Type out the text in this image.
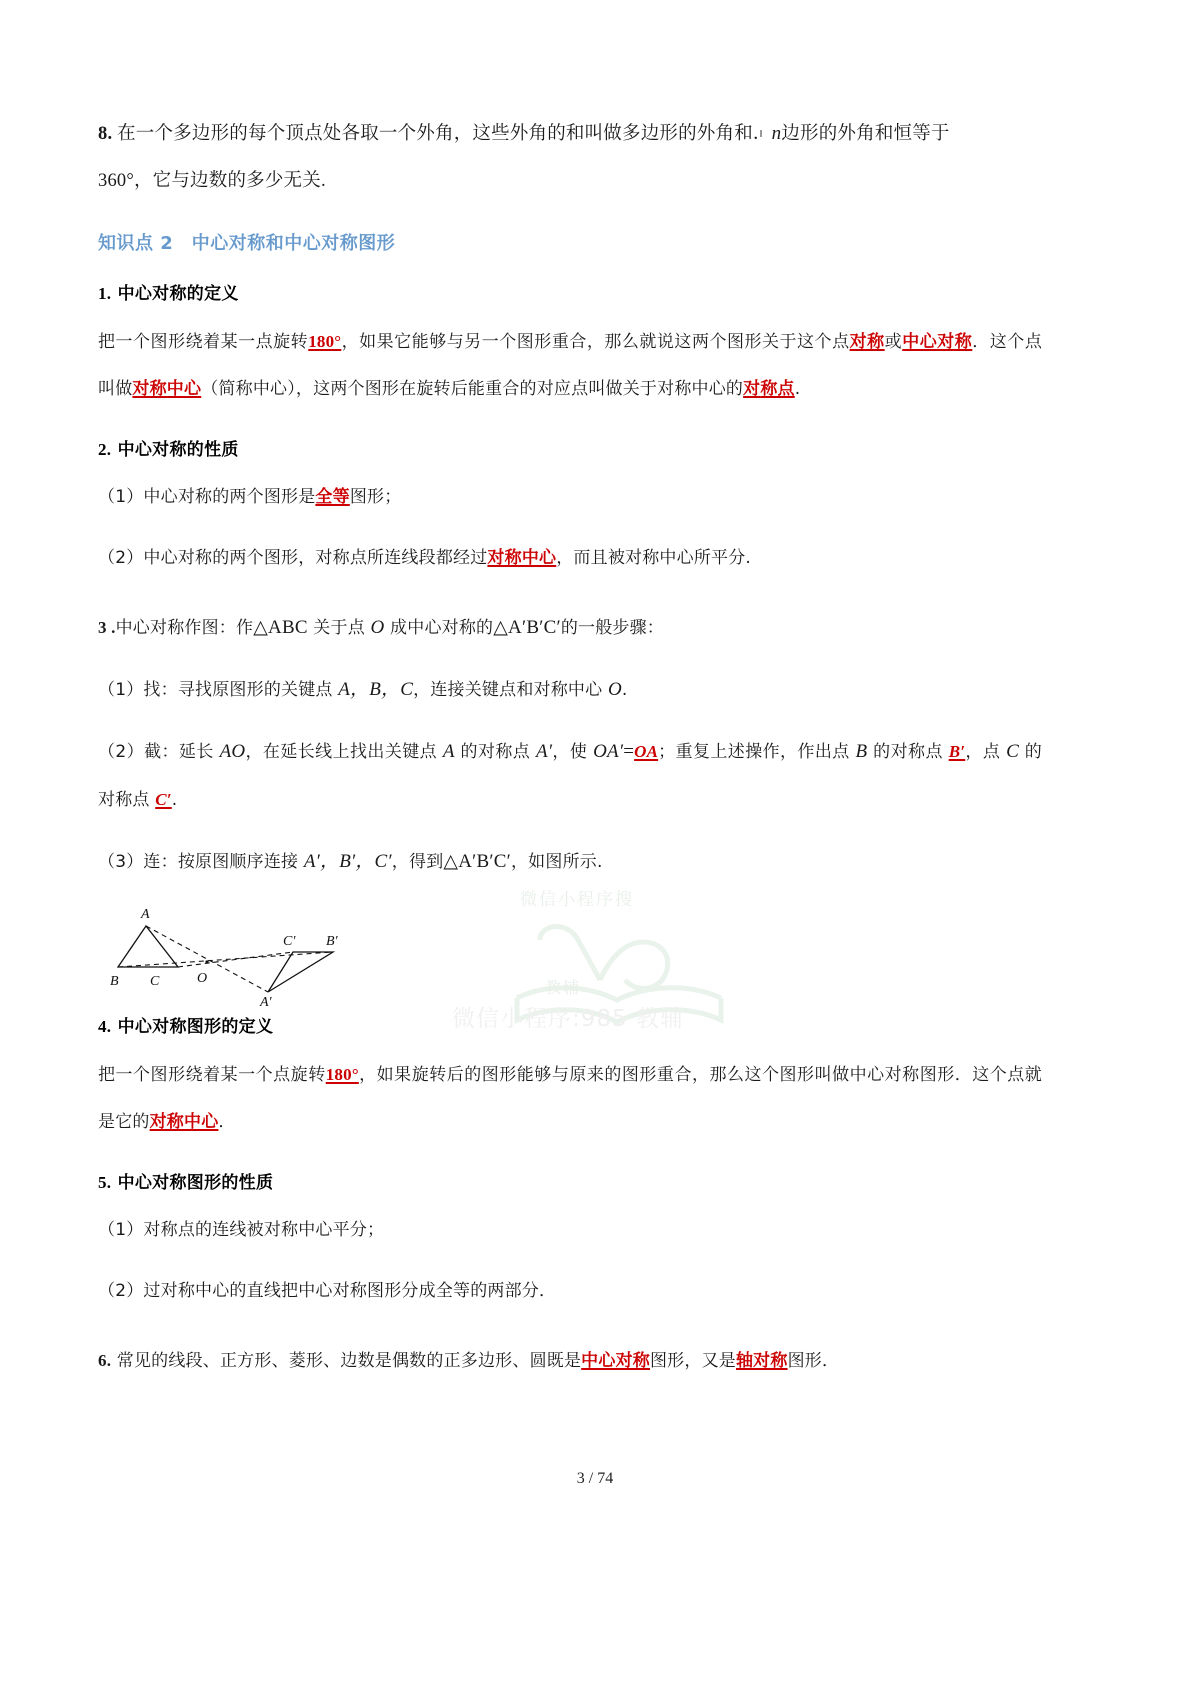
微信小程序搜
教辅
微信小程序:985 教辅

8. 在一个多边形的每个顶点处各取一个外角，这些外角的和叫做多边形的外角和．n边形的外角和恒等于
360°，它与边数的多少无关.

知识点 2　中心对称和中心对称图形

1. 中心对称的定义

把一个图形绕着某一点旋转180°，如果它能够与另一个图形重合，那么就说这两个图形关于这个点对称或中心对称．这个点叫做对称中心（简称中心），这两个图形在旋转后能重合的对应点叫做关于对称中心的对称点.

2. 中心对称的性质

（1）中心对称的两个图形是全等图形；

（2）中心对称的两个图形，对称点所连线段都经过对称中心，而且被对称中心所平分.

3 .中心对称作图：作△ABC 关于点 O 成中心对称的△A′B′C′的一般步骤：

（1）找：寻找原图形的关键点 A，B，C，连接关键点和对称中心 O.

（2）截：延长 AO，在延长线上找出关键点 A 的对称点 A′，使 OA′=OA；重复上述操作，作出点 B 的对称点 B′，点 C 的对称点 C′.

（3）连：按原图顺序连接 A′，B′，C′，得到△A′B′C′，如图所示.

A
B C	O
A′
B′
C′

4. 中心对称图形的定义

把一个图形绕着某一个点旋转180°，如果旋转后的图形能够与原来的图形重合，那么这个图形叫做中心对称图形．这个点就是它的对称中心．

5. 中心对称图形的性质

（1）对称点的连线被对称中心平分；

（2）过对称中心的直线把中心对称图形分成全等的两部分．

6. 常见的线段、正方形、菱形、边数是偶数的正多边形、圆既是中心对称图形，又是轴对称图形．

3 / 74
